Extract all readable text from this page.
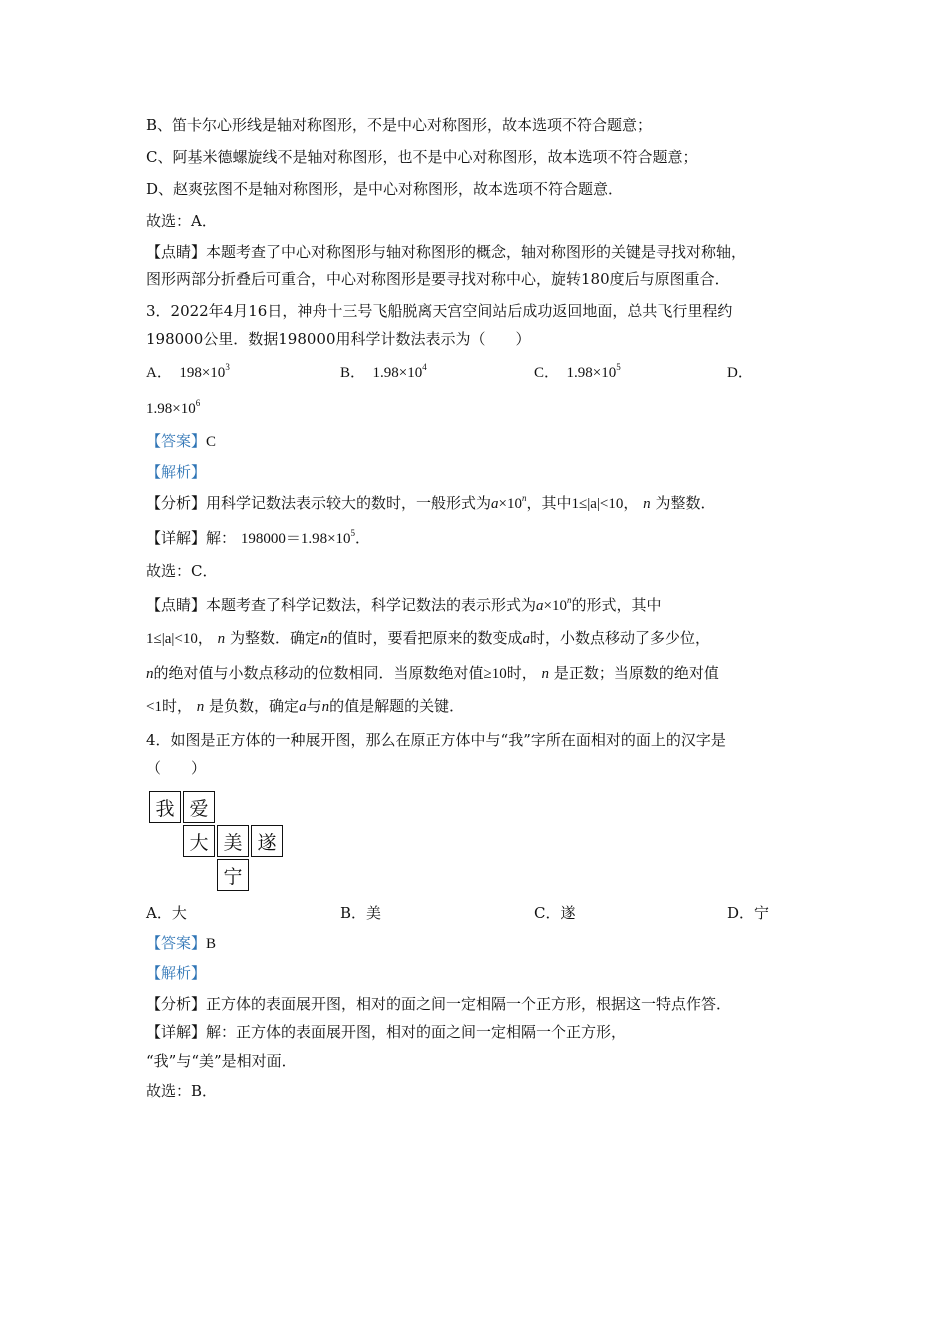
B、笛卡尔心形线是轴对称图形，不是中心对称图形，故本选项不符合题意；
C、阿基米德螺旋线不是轴对称图形，也不是中心对称图形，故本选项不符合题意；
D、赵爽弦图不是轴对称图形，是中心对称图形，故本选项不符合题意．
故选：A．
【点睛】本题考查了中心对称图形与轴对称图形的概念，轴对称图形的关键是寻找对称轴，
图形两部分折叠后可重合，中心对称图形是要寻找对称中心，旋转180度后与原图重合．
3．2022年4月16日，神舟十三号飞船脱离天宫空间站后成功返回地面，总共飞行里程约
198000公里．数据198000用科学计数法表示为（　　）
A． $198\times 10^3$	B． $1.98\times 10^4$	C． $1.98\times 10^5$	D．
$1.98\times 10^6$
【答案】C
【解析】
【分析】用科学记数法表示较大的数时，一般形式为$a\times 10^n$，其中1≤|a|<10， n 为整数．
【详解】解： $198000=1.98\times 10^5$．
故选：C．
【点睛】本题考查了科学记数法，科学记数法的表示形式为$a\times 10^n$的形式，其中
1≤|a|<10， n 为整数．确定n的值时，要看把原来的数变成a时，小数点移动了多少位，
n的绝对值与小数点移动的位数相同．当原数绝对值≥10时， n 是正数；当原数的绝对值
<1时， n 是负数，确定a与n的值是解题的关键．
4．如图是正方体的一种展开图，那么在原正方体中与“我”字所在面相对的面上的汉字是
（　　）
我 爱
大 美 遂
宁
A．大	B．美	C．遂	D．宁
【答案】B
【解析】
【分析】正方体的表面展开图，相对的面之间一定相隔一个正方形，根据这一特点作答．
【详解】解：正方体的表面展开图，相对的面之间一定相隔一个正方形，
“我”与“美”是相对面．
故选：B．
